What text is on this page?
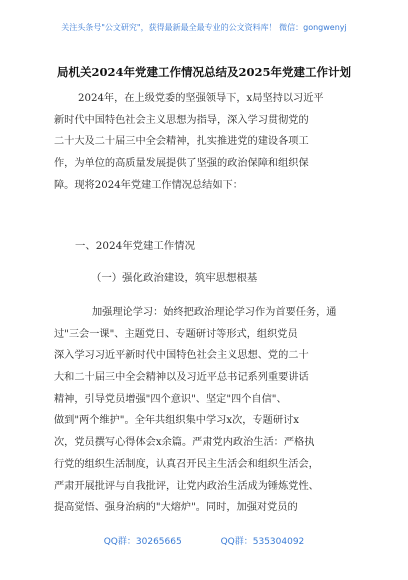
关注头条号"公文研究"，获得最新最全最专业的公文资料库！ 微信：gongwenyj
局机关2024年党建工作情况总结及2025年党建工作计划
2024年，在上级党委的坚强领导下，x局坚持以习近平
新时代中国特色社会主义思想为指导，深入学习贯彻党的
二十大及二十届三中全会精神，扎实推进党的建设各项工
作，为单位的高质量发展提供了坚强的政治保障和组织保
障。现将2024年党建工作情况总结如下：
一、2024年党建工作情况
（一）强化政治建设，筑牢思想根基
加强理论学习：始终把政治理论学习作为首要任务，通
过"三会一课"、主题党日、专题研讨等形式，组织党员
深入学习习近平新时代中国特色社会主义思想、党的二十
大和二十届三中全会精神以及习近平总书记系列重要讲话
精神，引导党员增强"四个意识"、坚定"四个自信"、
做到"两个维护"。全年共组织集中学习x次，专题研讨x
次，党员撰写心得体会x余篇。严肃党内政治生活：严格执
行党的组织生活制度，认真召开民主生活会和组织生活会，
严肃开展批评与自我批评，让党内政治生活成为锤炼党性、
提高觉悟、强身治病的"大熔炉"。同时，加强对党员的
QQ群：30265665	QQ群：535304092
